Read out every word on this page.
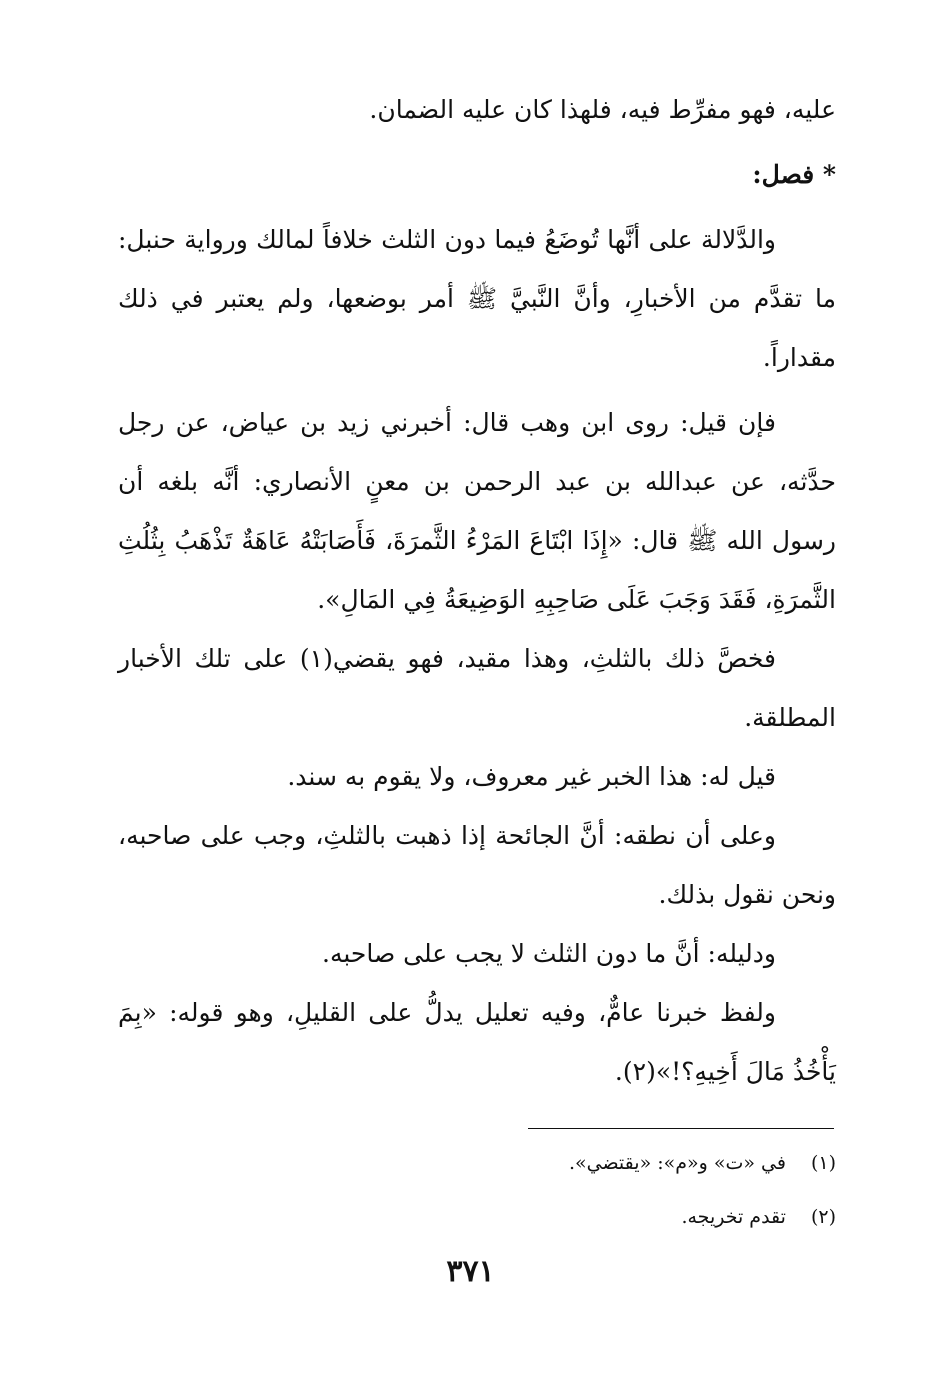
عليه، فهو مفرِّط فيه، فلهذا كان عليه الضمان.

* فصل:

والدَّلالة على أنَّها تُوضَعُ فيما دون الثلث خلافاً لمالك ورواية حنبل: ما تقدَّم من الأخبارِ، وأنَّ النَّبيَّ ﷺ أمر بوضعها، ولم يعتبر في ذلك مقداراً.

فإن قيل: روى ابن وهب قال: أخبرني زيد بن عياض، عن رجل حدَّثه، عن عبدالله بن عبد الرحمن بن معنٍ الأنصاري: أنَّه بلغه أن رسول الله ﷺ قال: «إِذَا ابْتَاعَ المَرْءُ الثَّمرَةَ، فَأَصَابَتْهُ عَاهَةٌ تَذْهَبُ بِثُلُثِ الثَّمرَةِ، فَقَدَ وَجَبَ عَلَى صَاحِبِهِ الوَضِيعَةُ فِي المَالِ».

فخصَّ ذلك بالثلثِ، وهذا مقيد، فهو يقضي(١) على تلك الأخبار المطلقة.

قيل له: هذا الخبر غير معروف، ولا يقوم به سند.

وعلى أن نطقه: أنَّ الجائحة إذا ذهبت بالثلثِ، وجب على صاحبه، ونحن نقول بذلك.

ودليله: أنَّ ما دون الثلث لا يجب على صاحبه.

ولفظ خبرنا عامٌّ، وفيه تعليل يدلُّ على القليلِ، وهو قوله: «بِمَ يَأْخُذُ مَالَ أَخِيهِ؟!»(٢).

(١) في «ت» و«م»: «يقتضي».
(٢) تقدم تخريجه.
٣٧١
